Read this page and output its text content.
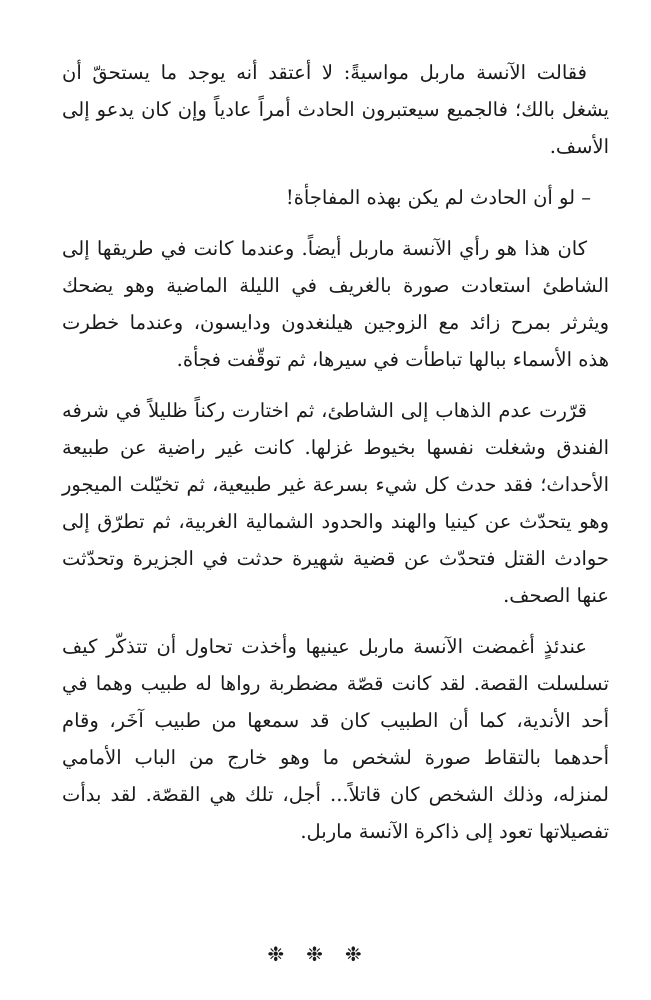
فقالت الآنسة ماربل مواسيةً: لا أعتقد أنه يوجد ما يستحقّ أن يشغل بالك؛ فالجميع سيعتبرون الحادث أمراً عادياً وإن كان يدعو إلى الأسف.

– لو أن الحادث لم يكن بهذه المفاجأة!

كان هذا هو رأي الآنسة ماربل أيضاً. وعندما كانت في طريقها إلى الشاطئ استعادت صورة بالغريف في الليلة الماضية وهو يضحك ويثرثر بمرح زائد مع الزوجين هيلنغدون ودايسون، وعندما خطرت هذه الأسماء ببالها تباطأت في سيرها، ثم توقّفت فجأة.

قرّرت عدم الذهاب إلى الشاطئ، ثم اختارت ركناً ظليلاً في شرفه الفندق وشغلت نفسها بخيوط غزلها. كانت غير راضية عن طبيعة الأحداث؛ فقد حدث كل شيء بسرعة غير طبيعية، ثم تخيّلت الميجور وهو يتحدّث عن كينيا والهند والحدود الشمالية الغربية، ثم تطرّق إلى حوادث القتل فتحدّث عن قضية شهيرة حدثت في الجزيرة وتحدّثت عنها الصحف.

عندئذٍ أغمضت الآنسة ماربل عينيها وأخذت تحاول أن تتذكّر كيف تسلسلت القصة. لقد كانت قصّة مضطربة رواها له طبيب وهما في أحد الأندية، كما أن الطبيب كان قد سمعها من طبيب آخَر، وقام أحدهما بالتقاط صورة لشخص ما وهو خارج من الباب الأمامي لمنزله، وذلك الشخص كان قاتلاً... أجل، تلك هي القصّة. لقد بدأت تفصيلاتها تعود إلى ذاكرة الآنسة ماربل.

❉❉❉
